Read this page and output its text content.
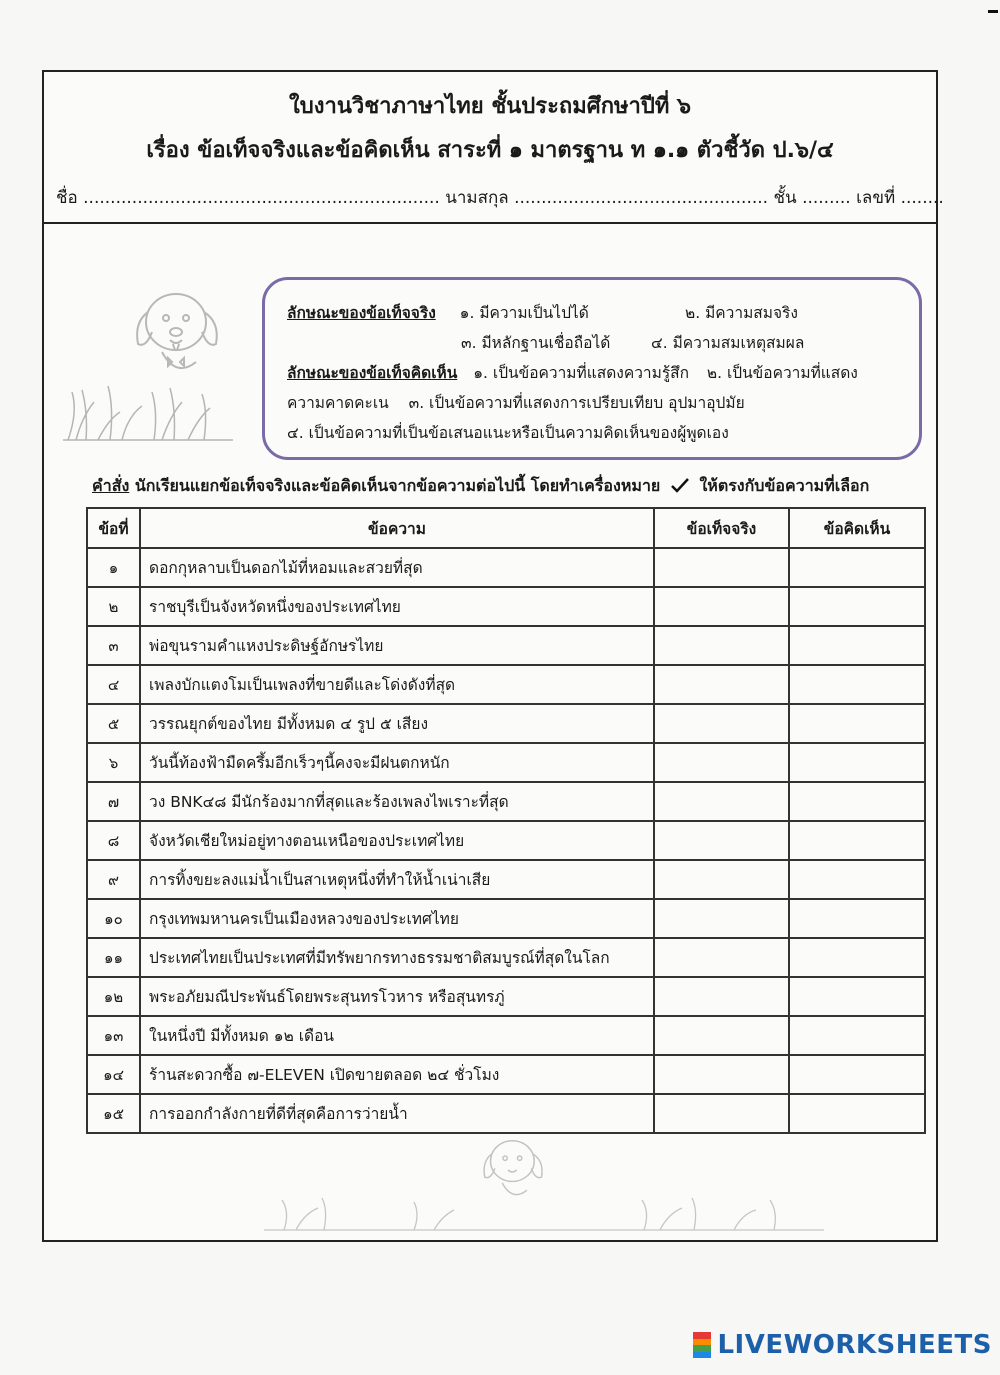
ใบงานวิชาภาษาไทย ชั้นประถมศึกษาปีที่ ๖
เรื่อง ข้อเท็จจริงและข้อคิดเห็น สาระที่ ๑ มาตรฐาน ท ๑.๑ ตัวชี้วัด ป.๖/๔
ชื่อ .................................................................. นามสกุล ............................................... ชั้น ......... เลขที่ ........
ลักษณะของข้อเท็จจริง ๑. มีความเป็นไปได้	๒. มีความสมจริง
๓. มีหลักฐานเชื่อถือได้	๔. มีความสมเหตุสมผล
ลักษณะของข้อเท็จคิดเห็น ๑. เป็นข้อความที่แสดงความรู้สึก ๒. เป็นข้อความที่แสดง
ความคาดคะเน ๓. เป็นข้อความที่แสดงการเปรียบเทียบ อุปมาอุปมัย
๔. เป็นข้อความที่เป็นข้อเสนอแนะหรือเป็นความคิดเห็นของผู้พูดเอง
คำสั่ง นักเรียนแยกข้อเท็จจริงและข้อคิดเห็นจากข้อความต่อไปนี้ โดยทำเครื่องหมาย ให้ตรงกับข้อความที่เลือก
ข้อที่	ข้อความ	ข้อเท็จจริง	ข้อคิดเห็น
๑	ดอกกุหลาบเป็นดอกไม้ที่หอมและสวยที่สุด		
๒	ราชบุรีเป็นจังหวัดหนึ่งของประเทศไทย		
๓	พ่อขุนรามคำแหงประดิษฐ์อักษรไทย		
๔	เพลงบักแตงโมเป็นเพลงที่ขายดีและโด่งดังที่สุด		
๕	วรรณยุกต์ของไทย มีทั้งหมด ๔ รูป ๕ เสียง		
๖	วันนี้ท้องฟ้ามืดครึ้มอีกเร็วๆนี้คงจะมีฝนตกหนัก		
๗	วง BNK๔๘ มีนักร้องมากที่สุดและร้องเพลงไพเราะที่สุด		
๘	จังหวัดเชียใหม่อยู่ทางตอนเหนือของประเทศไทย		
๙	การทิ้งขยะลงแม่น้ำเป็นสาเหตุหนึ่งที่ทำให้น้ำเน่าเสีย		
๑๐	กรุงเทพมหานครเป็นเมืองหลวงของประเทศไทย		
๑๑	ประเทศไทยเป็นประเทศที่มีทรัพยากรทางธรรมชาติสมบูรณ์ที่สุดในโลก		
๑๒	พระอภัยมณีประพันธ์โดยพระสุนทรโวหาร หรือสุนทรภู่		
๑๓	ในหนึ่งปี มีทั้งหมด ๑๒ เดือน		
๑๔	ร้านสะดวกซื้อ ๗-ELEVEN เปิดขายตลอด ๒๔ ชั่วโมง		
๑๕	การออกกำลังกายที่ดีที่สุดคือการว่ายน้ำ		
LIVEWORKSHEETS
